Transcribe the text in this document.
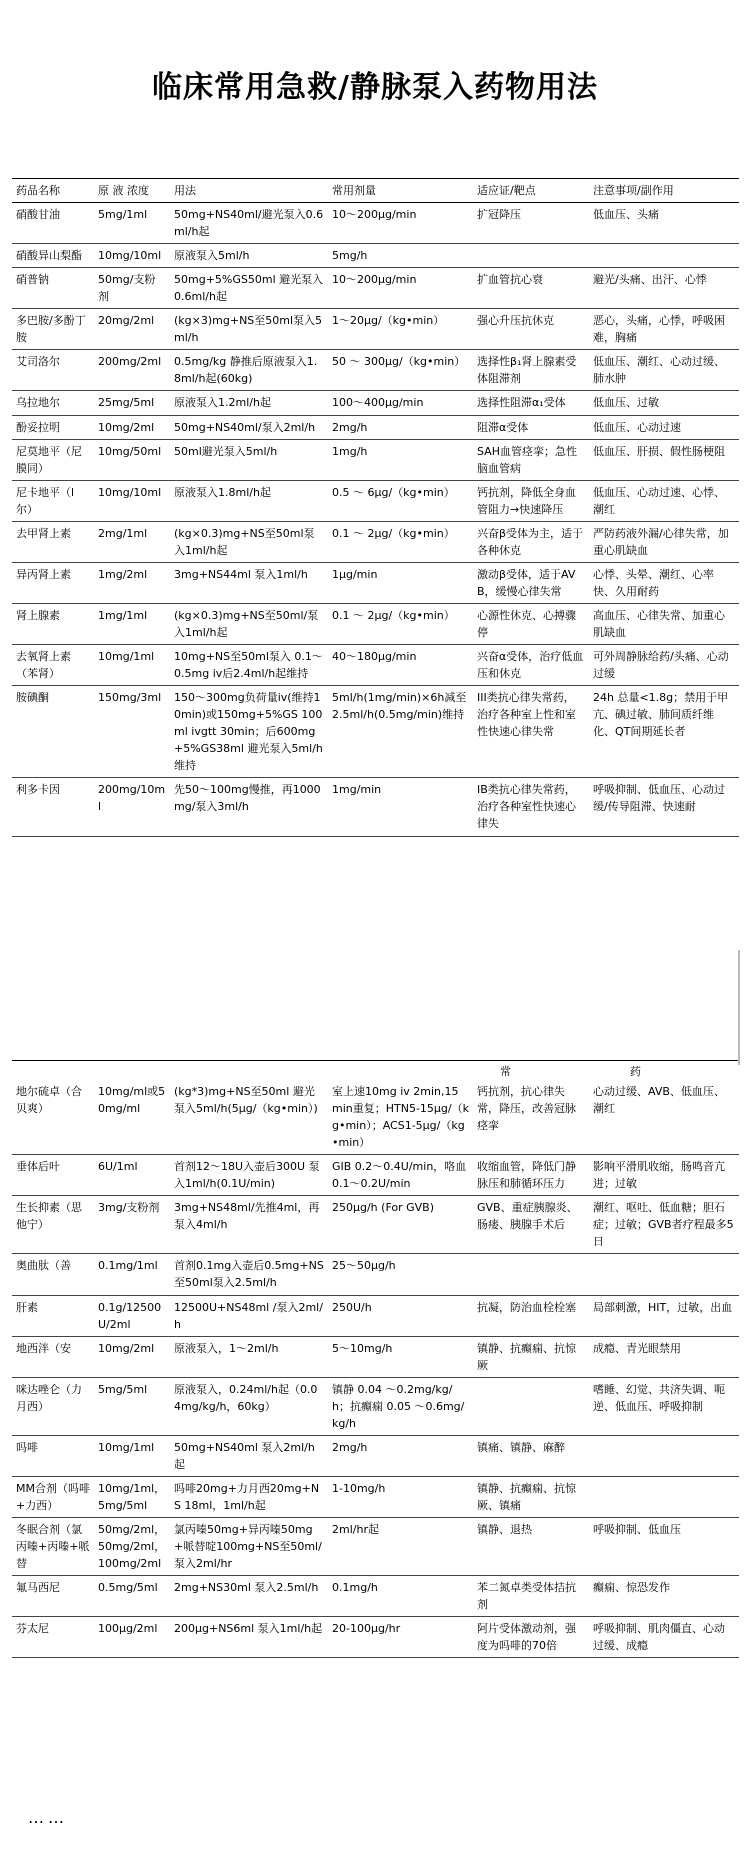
临床常用急救/静脉泵入药物用法
药品名称	原 液 浓度	用法	常用剂量	适应证/靶点	注意事项/副作用

硝酸甘油	5mg/1ml	50mg+NS40ml/避光泵入0.6ml/h起	10～200μg/min	扩冠降压	低血压、头痛

硝酸异山梨酯	10mg/10ml	原液泵入5ml/h	5mg/h		

硝普钠	50mg/支粉剂	50mg+5%GS50ml 避光泵入0.6ml/h起	10～200μg/min	扩血管抗心衰	避光/头痛、出汗、心悸

多巴胺/多酚丁胺	20mg/2ml	(kg×3)mg+NS至50ml泵入5ml/h	1～20μg/（kg•min）	强心升压抗休克	恶心，头痛，心悸，呼吸困难，胸痛

艾司洛尔	200mg/2ml	0.5mg/kg 静推后原液泵入1.8ml/h起(60kg)	50 ～ 300μg/（kg•min）	选择性β₁肾上腺素受体阻滞剂	低血压、潮红、心动过缓、肺水肿

乌拉地尔	25mg/5ml	原液泵入1.2ml/h起	100～400μg/min	选择性阻滞α₁受体	低血压、过敏

酚妥拉明	10mg/2ml	50mg+NS40ml/泵入2ml/h	2mg/h	阻滞α受体	低血压、心动过速

尼莫地平（尼膜同）	10mg/50ml	50ml避光泵入5ml/h	1mg/h	SAH血管痉挛；急性脑血管病	低血压、肝损、假性肠梗阻

尼卡地平（l尔）	10mg/10ml	原液泵入1.8ml/h起	0.5 ～ 6μg/（kg•min）	钙抗剂，降低全身血管阻力→快速降压	低血压、心动过速、心悸、潮红

去甲肾上素	2mg/1ml	(kg×0.3)mg+NS至50ml泵入1ml/h起	0.1 ～ 2μg/（kg•min）	兴奋β受体为主，适于各种休克	严防药液外漏/心律失常，加重心肌缺血

异丙肾上素	1mg/2ml	3mg+NS44ml 泵入1ml/h	1μg/min	激动β受体，适于AVB，缓慢心律失常	心悸、头晕、潮红、心率快、久用耐药

肾上腺素	1mg/1ml	(kg×0.3)mg+NS至50ml/泵入1ml/h起	0.1 ～ 2μg/（kg•min）	心源性休克、心搏骤停	高血压、心律失常、加重心肌缺血

去氧肾上素（苯肾）	10mg/1ml	10mg+NS至50ml泵入 0.1～0.5mg iv后2.4ml/h起维持	40～180μg/min	兴奋α受体，治疗低血压和休克	可外周静脉给药/头痛、心动过缓

胺碘酮	150mg/3ml	150～300mg负荷量iv(维持10min)或150mg+5%GS 100ml ivgtt 30min；后600mg+5%GS38ml 避光泵入5ml/h维持	5ml/h(1mg/min)×6h减至2.5ml/h(0.5mg/min)维持	III类抗心律失常药，治疗各种室上性和室性快速心律失常	24h 总量<1.8g；禁用于甲亢、碘过敏、肺间质纤维化、QT间期延长者

利多卡因	200mg/10ml	先50～100mg慢推，再1000mg/泵入3ml/h	1mg/min	IB类抗心律失常药，治疗各种室性快速心律失	呼吸抑制、低血压、心动过缓/传导阻滞、快速耐
常	药
地尔硫卓（合贝爽）	10mg/ml或50mg/ml	(kg*3)mg+NS至50ml 避光泵入5ml/h(5μg/（kg•min）)	室上速10mg iv 2min,15min重复；HTN5-15μg/（kg•min）；ACS1-5μg/（kg•min）	钙抗剂，抗心律失常，降压，改善冠脉痉挛	心动过缓、AVB、低血压、潮红

垂体后叶	6U/1ml	首剂12～18U入壶后300U 泵入1ml/h(0.1U/min)	GIB 0.2～0.4U/min，咯血0.1～0.2U/min	收缩血管，降低门静脉压和肺循环压力	影响平滑肌收缩，肠鸣音亢进；过敏

生长抑素（思他宁）	3mg/支粉剂	3mg+NS48ml/先推4ml，再泵入4ml/h	250μg/h (For GVB)	GVB、重症胰腺炎、肠瘘、胰腺手术后	潮红、呕吐、低血糖；胆石症；过敏；GVB者疗程最多5日

奥曲肽（善	0.1mg/1ml	首剂0.1mg入壶后0.5mg+NS至50ml泵入2.5ml/h	25～50μg/h		

肝素	0.1g/12500U/2ml	12500U+NS48ml /泵入2ml/h	250U/h	抗凝，防治血栓栓塞	局部刺激，HIT，过敏，出血

地西泮（安	10mg/2ml	原液泵入，1～2ml/h	5～10mg/h	镇静、抗癫痫、抗惊厥	成瘾、青光眼禁用

咪达唑仑（力月西）	5mg/5ml	原液泵入，0.24ml/h起（0.04mg/kg/h，60kg）	镇静 0.04 ～0.2mg/kg/h；抗癫痫 0.05 ～0.6mg/kg/h		嗜睡、幻觉、共济失调、呃逆、低血压、呼吸抑制

吗啡	10mg/1ml	50mg+NS40ml 泵入2ml/h起	2mg/h	镇痛、镇静、麻醉	

MM合剂（吗啡+力西）	10mg/1ml，5mg/5ml	吗啡20mg+力月西20mg+NS 18ml，1ml/h起	1-10mg/h	镇静、抗癫痫、抗惊厥、镇痛	

冬眠合剂（氯丙嗪+丙嗪+哌替	50mg/2ml，50mg/2ml，100mg/2ml	氯丙嗪50mg+异丙嗪50mg+哌替啶100mg+NS至50ml/泵入2ml/hr	2ml/hr起	镇静、退热	呼吸抑制、低血压

氟马西尼	0.5mg/5ml	2mg+NS30ml 泵入2.5ml/h	0.1mg/h	苯二氮卓类受体拮抗剂	癫痫、惊恐发作

芬太尼	100μg/2ml	200μg+NS6ml 泵入1ml/h起	20-100μg/hr	阿片受体激动剂，强度为吗啡的70倍	呼吸抑制、肌肉僵直、心动过缓、成瘾
……
